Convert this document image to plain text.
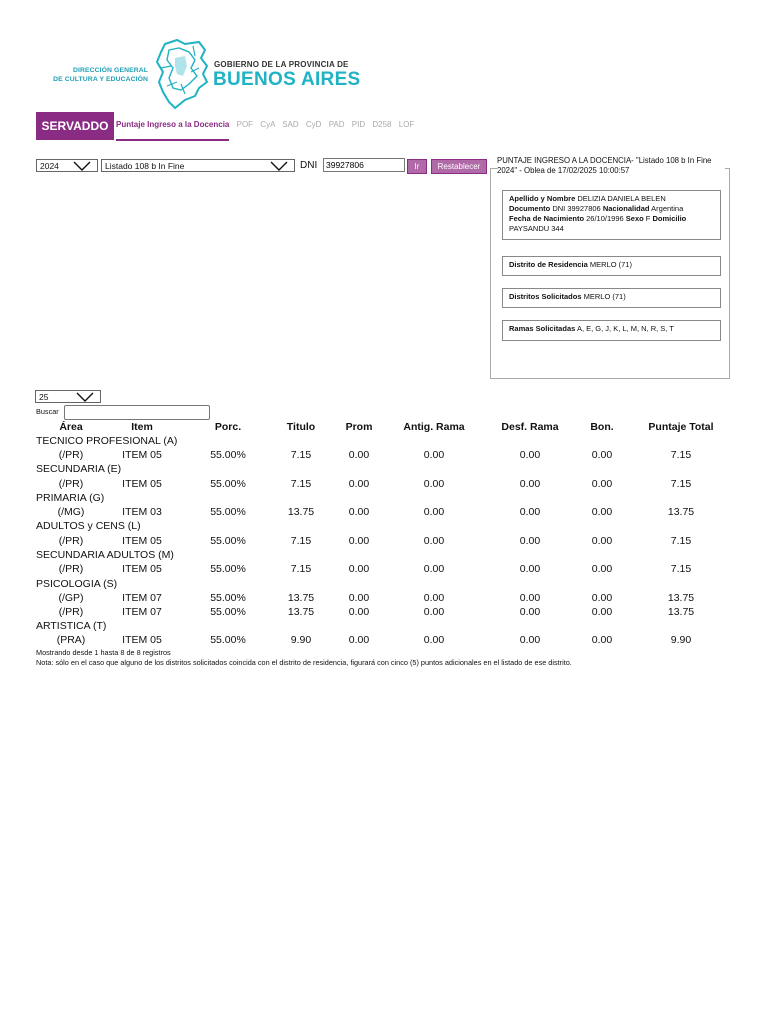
DIRECCIÓN GENERAL
DE CULTURA Y EDUCACIÓN
GOBIERNO DE LA PROVINCIA DE
BUENOS AIRES
SERVADDO Puntaje Ingreso a la Docencia POF CyA SAD CyD PAD PID D258 LOF
2024	Listado 108 b In Fine	DNI
39927806	Ir	Restablecer
PUNTAJE INGRESO A LA DOCENCIA- "Listado 108 b In Fine 2024" - Oblea de 17/02/2025 10:00:57
Apellido y Nombre DELIZIA DANIELA BELEN
Documento DNI 39927806 Nacionalidad Argentina
Fecha de Nacimiento 26/10/1996 Sexo F Domicilio
PAYSANDU 344
Distrito de Residencia MERLO (71)
Distritos Solicitados MERLO (71)
Ramas Solicitadas A, E, G, J, K, L, M, N, R, S, T
25
Buscar
Área	Item	Porc.	Titulo	Prom	Antig. Rama	Desf. Rama	Bon.	Puntaje Total
TECNICO PROFESIONAL (A)
(/PR)	ITEM 05	55.00%	7.15	0.00	0.00	0.00	0.00	7.15
SECUNDARIA (E)
(/PR)	ITEM 05	55.00%	7.15	0.00	0.00	0.00	0.00	7.15
PRIMARIA (G)
(/MG)	ITEM 03	55.00%	13.75	0.00	0.00	0.00	0.00	13.75
ADULTOS y CENS (L)
(/PR)	ITEM 05	55.00%	7.15	0.00	0.00	0.00	0.00	7.15
SECUNDARIA ADULTOS (M)
(/PR)	ITEM 05	55.00%	7.15	0.00	0.00	0.00	0.00	7.15
PSICOLOGIA (S)
(/GP)	ITEM 07	55.00%	13.75	0.00	0.00	0.00	0.00	13.75
(/PR)	ITEM 07	55.00%	13.75	0.00	0.00	0.00	0.00	13.75
ARTISTICA (T)
(PRA)	ITEM 05	55.00%	9.90	0.00	0.00	0.00	0.00	9.90
Mostrando desde 1 hasta 8 de 8 registros
Nota: sólo en el caso que alguno de los distritos solicitados coincida con el distrito de residencia, figurará con cinco (5) puntos adicionales en el listado de ese distrito.
